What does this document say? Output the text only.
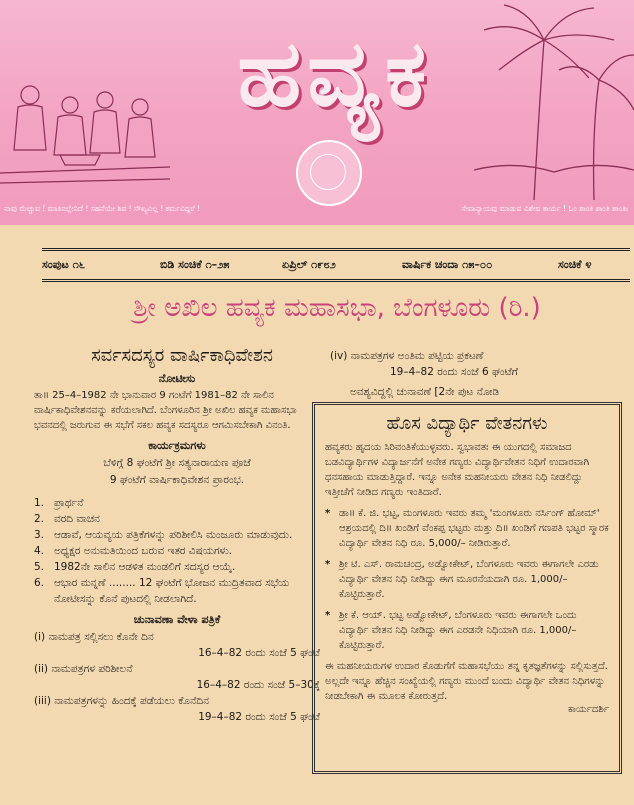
ಹವ್ಯಕ
ನಾವು ಮೆಚ್ಚುವ ! ಮಾತಿನಲ್ಲೇನಿದೆ ! ಸಹನೆಯೇ ಶಿವ ! ಸೌಖ್ಯವಿಲ್ಲ ! ಕರ್ಮವಿದ್ದರೆ !	ಸೇವಾನ್ಯಾಯವು ಮಾಡುವ ವಿಶೇಷ ಕಾರ್ಯ ! ಓಂ ಶಾಂತಿ ಶಾಂತಿ ಶಾಂತಿಃ
ಸಂಪುಟ ೧೬	ಬಿಡಿ ಸಂಚಿಕೆ ೧–೨೫	ಏಪ್ರಿಲ್ ೧೯೮೨	ವಾರ್ಷಿಕ ಚಂದಾ ೧೫–೦೦	ಸಂಚಿಕೆ ೪
ಶ್ರೀ ಅಖಿಲ ಹವ್ಯಕ ಮಹಾಸಭಾ, ಬೆಂಗಳೂರು (ರಿ.)
ಸರ್ವಸದಸ್ಯರ ವಾರ್ಷಿಕಾಧಿವೇಶನ
ನೋಟೀಸು
ತಾ॥ 25–4–1982 ನೇ ಭಾನುವಾರ 9 ಗಂಟೆಗೆ 1981–82 ನೇ ಸಾಲಿನ ವಾರ್ಷಿಕಾಧಿವೇಶನವನ್ನು ಕರೆಯಲಾಗಿದೆ. ಬೆಂಗಳೂರಿನ ಶ್ರೀ ಅಖಿಲ ಹವ್ಯಕ ಮಹಾಸಭಾ ಭವನದಲ್ಲಿ ಜರುಗುವ ಈ ಸಭೆಗೆ ಸಕಲ ಹವ್ಯಕ ಸದಸ್ಯರೂ ಆಗಮಿಸಬೇಕಾಗಿ ವಿನಂತಿ.
ಕಾರ್ಯಕ್ರಮಗಳು
ಬೆಳಿಗ್ಗೆ 8 ಘಂಟೆಗೆ ಶ್ರೀ ಸತ್ಯನಾರಾಯಣ ಪೂಜೆ
9 ಘಂಟೆಗೆ ವಾರ್ಷಿಕಾಧಿವೇಶನ ಪ್ರಾರಂಭ.
1. ಪ್ರಾರ್ಥನೆ
2. ವರದಿ ವಾಚನ
3. ಆಡಾವೆ, ಆಯವ್ಯಯ ಪತ್ರಿಕೆಗಳನ್ನು ಪರಿಶೀಲಿಸಿ ಮಂಜೂರು ಮಾಡುವುದು.
4. ಅಧ್ಯಕ್ಷರ ಅನುಮತಿಯಿಂದ ಬರುವ ಇತರ ವಿಷಯಗಳು.
5. 1982ನೇ ಸಾಲಿನ ಆಡಳಿತ ಮಂಡಲಿಗೆ ಸದಸ್ಯರ ಆಯ್ಕೆ.
6. ಆಭಾರ ಮನ್ನಣೆ ........ 12 ಘಂಟೆಗೆ ಭೋಜನ ಮುದ್ರಿತವಾದ ಸಭೆಯ ನೋಟೀಸನ್ನು ಕೊನೆ ಪುಟದಲ್ಲಿ ನೀಡಲಾಗಿದೆ.
ಚುನಾವಣಾ ವೇಳಾ ಪತ್ರಿಕೆ
(i) ನಾಮಪತ್ರ ಸಲ್ಲಿಸಲು ಕೊನೇ ದಿನ
16–4–82 ರಂದು ಸಂಜೆ 5 ಘಂಟೆ
(ii) ನಾಮಪತ್ರಗಳ ಪರಿಶೀಲನೆ
16–4–82 ರಂದು ಸಂಜೆ 5–30ಕ್ಕೆ
(iii) ನಾಮಪತ್ರಗಳನ್ನು ಹಿಂದಕ್ಕೆ ಪಡೆಯಲು ಕೊನೆದಿನ
19–4–82 ರಂದು ಸಂಜೆ 5 ಘಂಟೆ
(iv) ನಾಮಪತ್ರಗಳ ಅಂತಿಮ ಪಟ್ಟಿಯ ಪ್ರಕಟಣೆ
19–4–82 ರಂದು ಸಂಜೆ 6 ಘಂಟೆಗೆ
ಅವಶ್ಯವಿದ್ದಲ್ಲಿ ಚುನಾವಣೆ [2ನೇ ಪುಟ ನೋಡಿ
ಹೊಸ ವಿದ್ಯಾರ್ಥಿ ವೇತನಗಳು
ಹವ್ಯಕರು ಹೃದಯ ಸಿರಿವಂತಿಕೆಯುಳ್ಳವರು. ಸ್ವಭಾವತಃ ಈ ಯುಗದಲ್ಲಿ ಸಮಾಜದ ಬಡವಿದ್ಯಾರ್ಥಿಗಳ ವಿದ್ಯಾರ್ಜನೆಗೆ ಅನೇಕ ಗಣ್ಯರು ವಿದ್ಯಾರ್ಥಿವೇತನ ನಿಧಿಗೆ ಉದಾರವಾಗಿ ಧನಸಹಾಯ ಮಾಡುತ್ತಿದ್ದಾರೆ. ಇನ್ನೂ ಅನೇಕ ಮಹನೀಯರು ವೇತನ ನಿಧಿ ನೀಡಲಿದ್ದು ಇತ್ತೀಚೆಗೆ ನೀಡಿದ ಗಣ್ಯರು ಇಂತಿದಾರೆ.
* ಡಾ॥ ಕೆ. ಜಿ. ಭಟ್ಟ, ಮಂಗಳೂರು ಇವರು ತಮ್ಮ 'ಮಂಗಳೂರು ನರ್ಸಿಂಗ್ ಹೋಮ್' ಆಶ್ರಯದಲ್ಲಿ ದಿ॥ ಖಂಡಿಗೆ ವೆಂಕಪ್ಪ ಭಟ್ಟರು ಮತ್ತು ದಿ॥ ಖಂಡಿಗೆ ಗಣಪತಿ ಭಟ್ಟರ ಸ್ಮಾರಕ ವಿದ್ಯಾರ್ಥಿ ವೇತನ ನಿಧಿ ರೂ. 5,000/– ನೀಡಿರುತ್ತಾರೆ.
* ಶ್ರೀ ಟಿ. ಎಸ್. ರಾಮಚಂದ್ರ, ಅಡ್ವೋಕೇಟ್, ಬೆಂಗಳೂರು ಇವರು ಈಗಾಗಲೇ ಎರಡು ವಿದ್ಯಾರ್ಥಿ ವೇತನ ನಿಧಿ ನೀಡಿದ್ದು ಈಗ ಮೂರನೆಯದಾಗಿ ರೂ. 1,000/– ಕೊಟ್ಟಿರುತ್ತಾರೆ.
* ಶ್ರೀ ಕೆ. ಆಯ್. ಭಟ್ಟ ಅಡ್ವೋಕೇಟ್, ಬೆಂಗಳೂರು ಇವರು ಈಗಾಗಲೇ ಒಂದು ವಿದ್ಯಾರ್ಥಿ ವೇತನ ನಿಧಿ ನೀಡಿದ್ದು ಈಗ ಎರಡನೇ ನಿಧಿಯಾಗಿ ರೂ. 1,000/– ಕೊಟ್ಟಿರುತ್ತಾರೆ.
ಈ ಮಹನೀಯರುಗಳ ಉದಾರ ಕೊಡುಗೆಗೆ ಮಹಾಸಭೆಯು ತನ್ನ ಕೃತಜ್ಞತೆಗಳನ್ನು ಸಲ್ಲಿಸುತ್ತದೆ. ಅಲ್ಲದೇ ಇನ್ನೂ ಹೆಚ್ಚಿನ ಸಂಖ್ಯೆಯಲ್ಲಿ ಗಣ್ಯರು ಮುಂದೆ ಬಂದು ವಿದ್ಯಾರ್ಥಿ ವೇತನ ನಿಧಿಗಳನ್ನು ನೀಡಬೇಕಾಗಿ ಈ ಮೂಲಕ ಕೋರುತ್ತದೆ.
ಕಾರ್ಯದರ್ಶಿ
